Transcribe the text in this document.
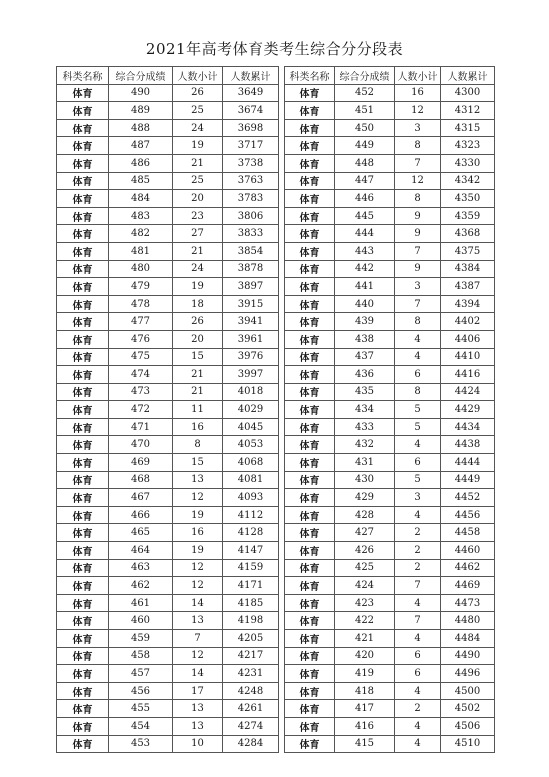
2021年高考体育类考生综合分分段表
科类名称	综合分成绩	人数小计	人数累计
体育	490	26	3649
体育	489	25	3674
体育	488	24	3698
体育	487	19	3717
体育	486	21	3738
体育	485	25	3763
体育	484	20	3783
体育	483	23	3806
体育	482	27	3833
体育	481	21	3854
体育	480	24	3878
体育	479	19	3897
体育	478	18	3915
体育	477	26	3941
体育	476	20	3961
体育	475	15	3976
体育	474	21	3997
体育	473	21	4018
体育	472	11	4029
体育	471	16	4045
体育	470	8	4053
体育	469	15	4068
体育	468	13	4081
体育	467	12	4093
体育	466	19	4112
体育	465	16	4128
体育	464	19	4147
体育	463	12	4159
体育	462	12	4171
体育	461	14	4185
体育	460	13	4198
体育	459	7	4205
体育	458	12	4217
体育	457	14	4231
体育	456	17	4248
体育	455	13	4261
体育	454	13	4274
体育	453	10	4284
科类名称	综合分成绩	人数小计	人数累计
体育	452	16	4300
体育	451	12	4312
体育	450	3	4315
体育	449	8	4323
体育	448	7	4330
体育	447	12	4342
体育	446	8	4350
体育	445	9	4359
体育	444	9	4368
体育	443	7	4375
体育	442	9	4384
体育	441	3	4387
体育	440	7	4394
体育	439	8	4402
体育	438	4	4406
体育	437	4	4410
体育	436	6	4416
体育	435	8	4424
体育	434	5	4429
体育	433	5	4434
体育	432	4	4438
体育	431	6	4444
体育	430	5	4449
体育	429	3	4452
体育	428	4	4456
体育	427	2	4458
体育	426	2	4460
体育	425	2	4462
体育	424	7	4469
体育	423	4	4473
体育	422	7	4480
体育	421	4	4484
体育	420	6	4490
体育	419	6	4496
体育	418	4	4500
体育	417	2	4502
体育	416	4	4506
体育	415	4	4510
